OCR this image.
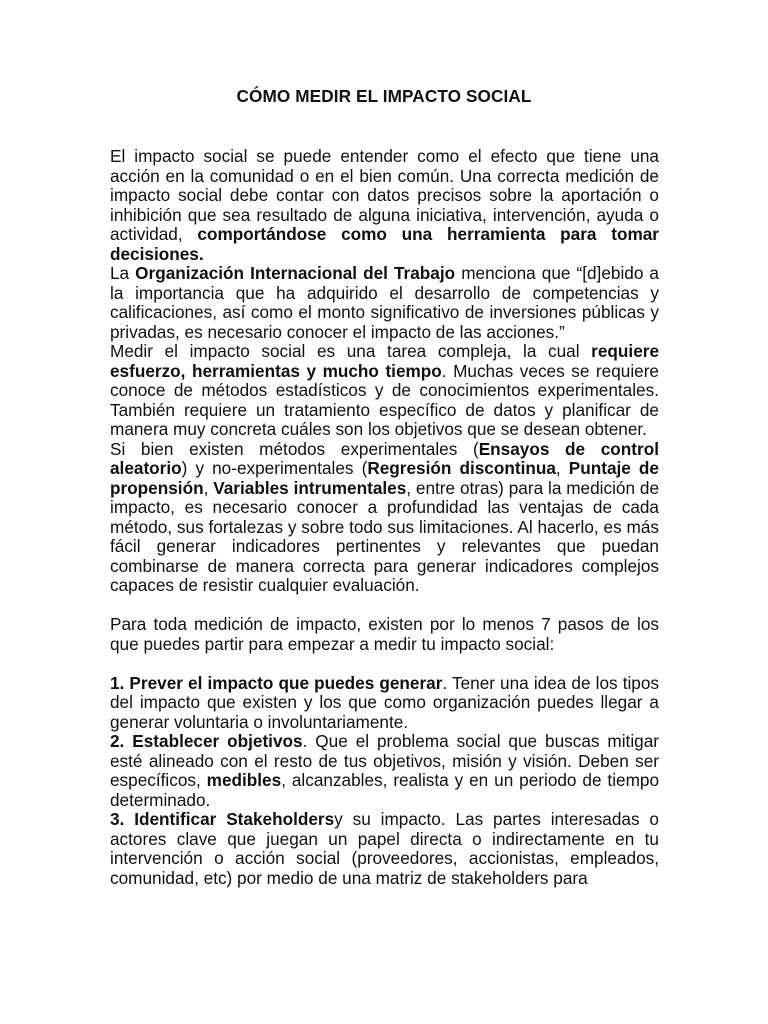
CÓMO MEDIR EL IMPACTO SOCIAL

El impacto social se puede entender como el efecto que tiene una acción en la comunidad o en el bien común. Una correcta medición de impacto social debe contar con datos precisos sobre la aportación o inhibición que sea resultado de alguna iniciativa, intervención, ayuda o actividad, comportándose como una herramienta para tomar decisiones.

La Organización Internacional del Trabajo menciona que “[d]ebido a la importancia que ha adquirido el desarrollo de competencias y calificaciones, así como el monto significativo de inversiones públicas y privadas, es necesario conocer el impacto de las acciones.”

Medir el impacto social es una tarea compleja, la cual requiere esfuerzo, herramientas y mucho tiempo. Muchas veces se requiere conoce de métodos estadísticos y de conocimientos experimentales. También requiere un tratamiento específico de datos y planificar de manera muy concreta cuáles son los objetivos que se desean obtener.

Si bien existen métodos experimentales (Ensayos de control aleatorio) y no-experimentales (Regresión discontinua, Puntaje de propensión, Variables intrumentales, entre otras) para la medición de impacto, es necesario conocer a profundidad las ventajas de cada método, sus fortalezas y sobre todo sus limitaciones. Al hacerlo, es más fácil generar indicadores pertinentes y relevantes que puedan combinarse de manera correcta para generar indicadores complejos capaces de resistir cualquier evaluación.

Para toda medición de impacto, existen por lo menos 7 pasos de los que puedes partir para empezar a medir tu impacto social:

1. Prever el impacto que puedes generar. Tener una idea de los tipos del impacto que existen y los que como organización puedes llegar a generar voluntaria o involuntariamente.

2. Establecer objetivos. Que el problema social que buscas mitigar esté alineado con el resto de tus objetivos, misión y visión. Deben ser específicos, medibles, alcanzables, realista y en un periodo de tiempo determinado.

3. Identificar Stakeholdersy su impacto. Las partes interesadas o actores clave que juegan un papel directa o indirectamente en tu intervención o acción social (proveedores, accionistas, empleados, comunidad, etc) por medio de una matriz de stakeholders para
